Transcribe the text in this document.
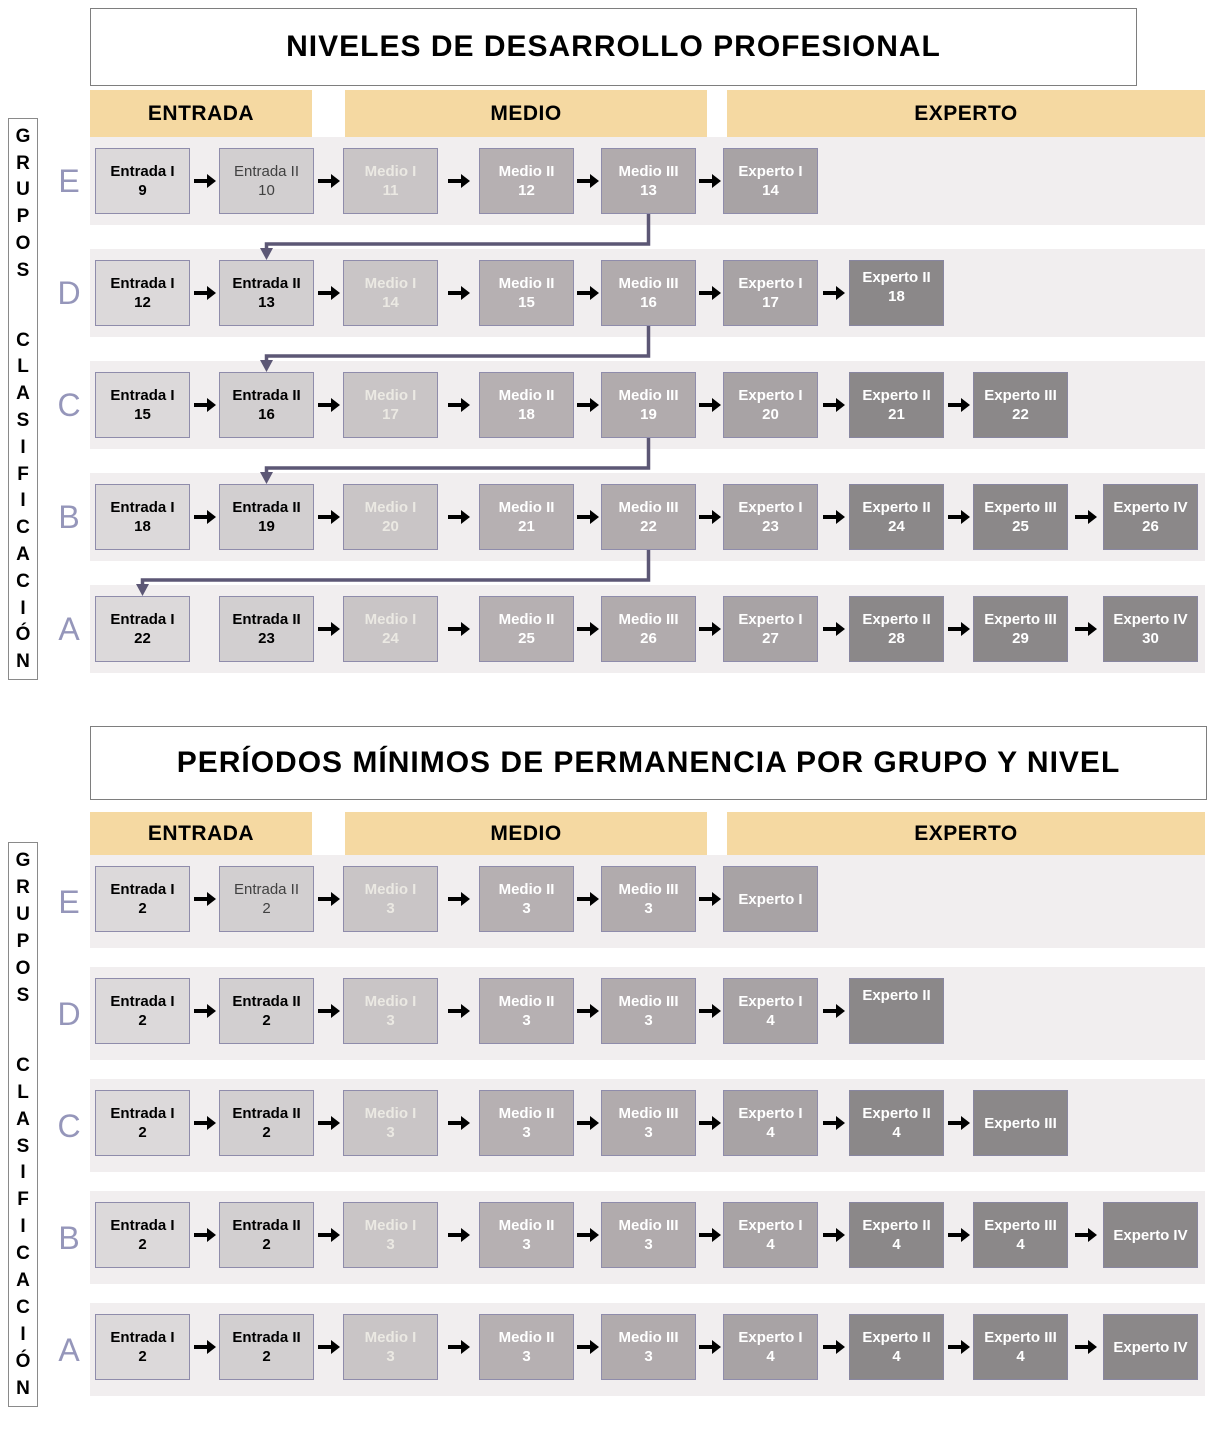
NIVELES DE DESARROLLO PROFESIONAL
ENTRADA	MEDIO	EXPERTO
G
R
U
P
O
S
C
L
A
S
I
F
I
C
A
C
I
Ó
N
E	Entrada I
9
Entrada II
10
Medio I
11
Medio II
12
Medio III
13
Experto I
14
D	Entrada I
12
Entrada II
13
Medio I
14
Medio II
15
Medio III
16
Experto I
17
Experto II
18
C	Entrada I
15
Entrada II
16
Medio I
17
Medio II
18
Medio III
19
Experto I
20
Experto II
21
Experto III
22
B	Entrada I
18
Entrada II
19
Medio I
20
Medio II
21
Medio III
22
Experto I
23
Experto II
24
Experto III
25
Experto IV
26
A	Entrada I
22
Entrada II
23
Medio I
24
Medio II
25
Medio III
26
Experto I
27
Experto II
28
Experto III
29
Experto IV
30
PERÍODOS MÍNIMOS DE PERMANENCIA POR GRUPO Y NIVEL
ENTRADA	MEDIO	EXPERTO
G
R
U
P
O
S
C
L
A
S
I
F
I
C
A
C
I
Ó
N
E	Entrada I
2
Entrada II
2
Medio I
3
Medio II
3
Medio III
3
Experto I
D	Entrada I
2
Entrada II
2
Medio I
3
Medio II
3
Medio III
3
Experto I
4
Experto II
C	Entrada I
2
Entrada II
2
Medio I
3
Medio II
3
Medio III
3
Experto I
4
Experto II
4
Experto III
B	Entrada I
2
Entrada II
2
Medio I
3
Medio II
3
Medio III
3
Experto I
4
Experto II
4
Experto III
4
Experto IV
A	Entrada I
2
Entrada II
2
Medio I
3
Medio II
3
Medio III
3
Experto I
4
Experto II
4
Experto III
4
Experto IV
